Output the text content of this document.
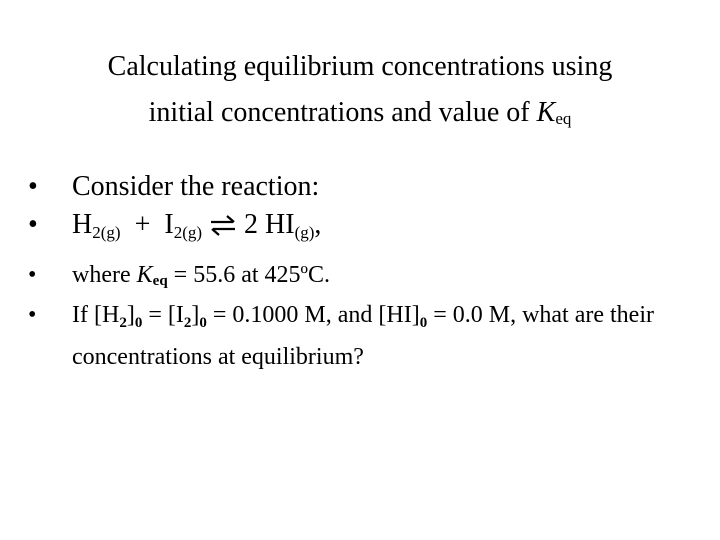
Calculating equilibrium concentrations using
initial concentrations and value of Keq
• Consider the reaction:
• H2(g) + I2(g) ⇌ 2 HI(g),
• where Keq = 55.6 at 425ºC.
• If $[H_2]_0 = [I_2]_0 = 0.1000$ M, and $[HI]_0 = 0.0$ M, what are their concentrations at equilibrium?
